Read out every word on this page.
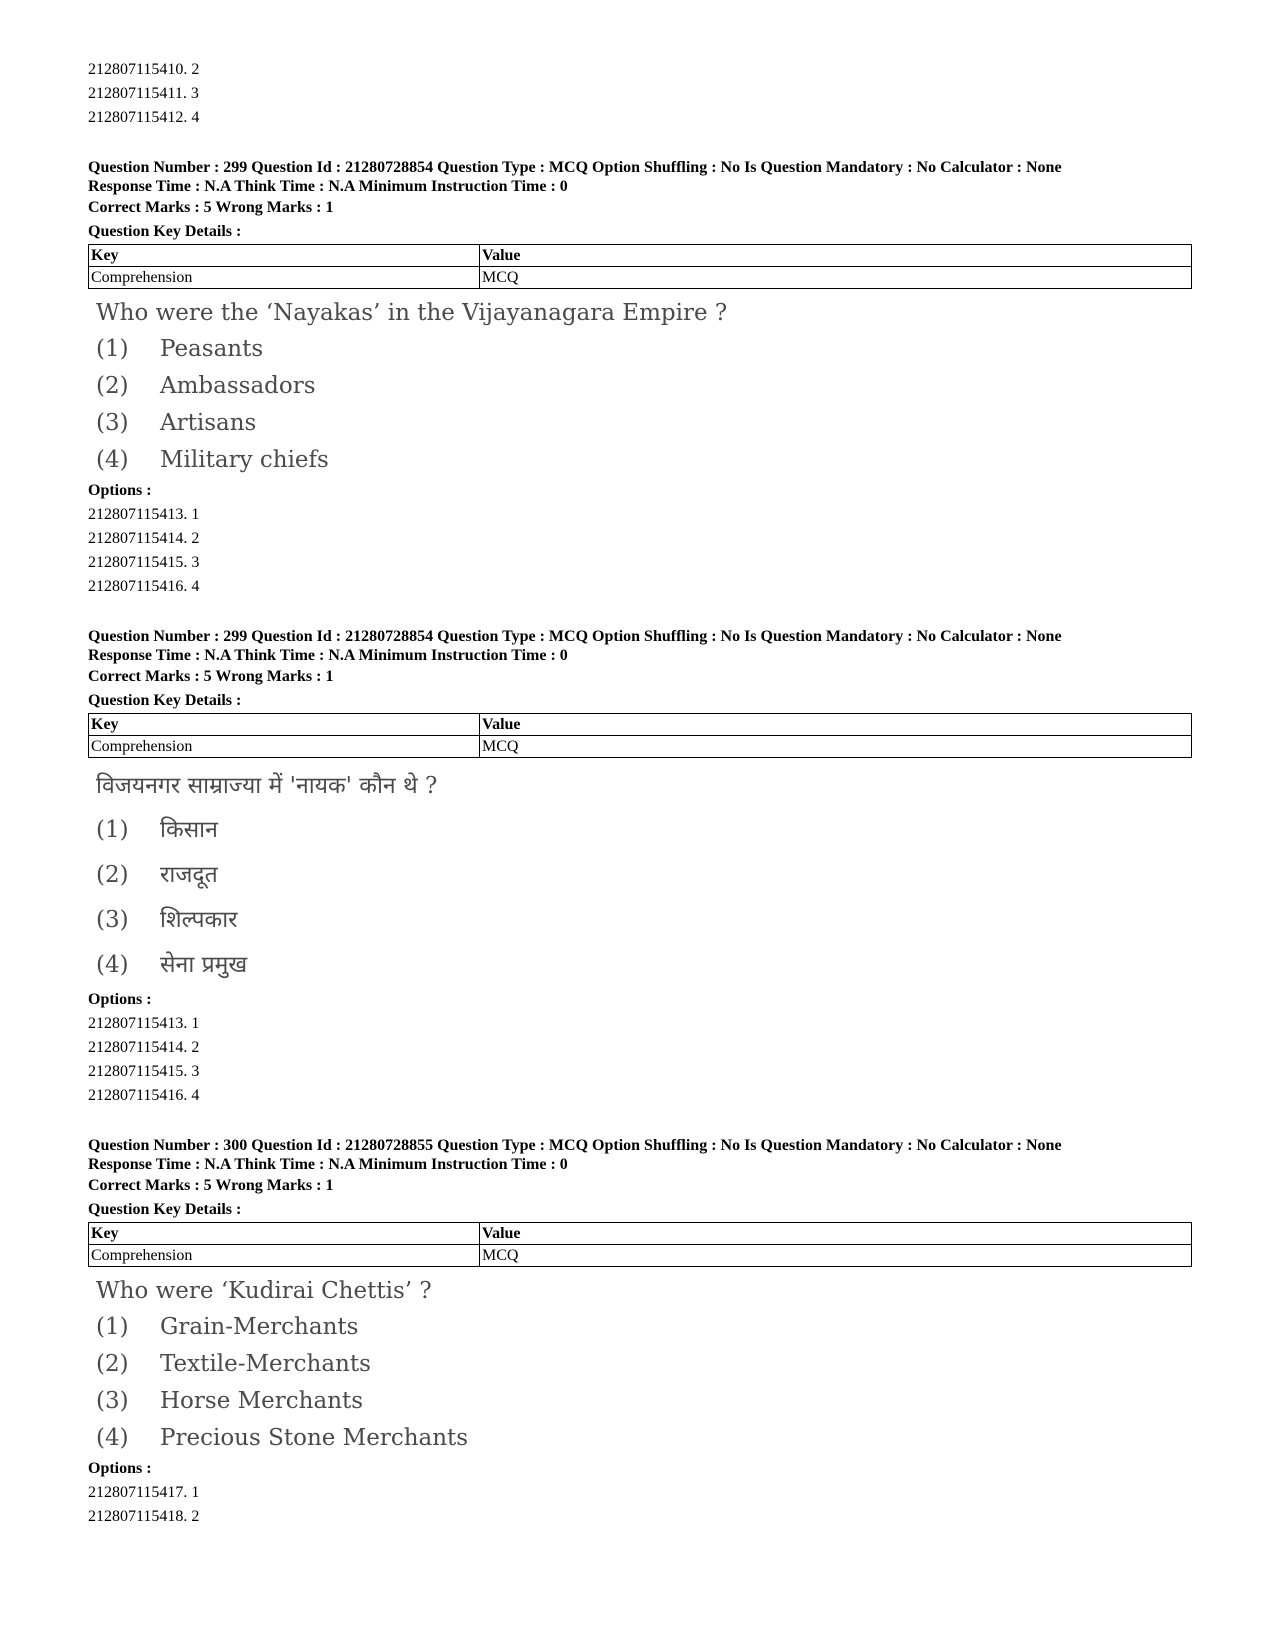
212807115410. 2
212807115411. 3
212807115412. 4
Question Number : 299 Question Id : 21280728854 Question Type : MCQ Option Shuffling : No Is Question Mandatory : No Calculator : None
Response Time : N.A Think Time : N.A Minimum Instruction Time : 0
Correct Marks : 5 Wrong Marks : 1
Question Key Details :
Key	Value
Comprehension	MCQ
Who were the ‘Nayakas’ in the Vijayanagara Empire ?
(1) Peasants
(2) Ambassadors
(3) Artisans
(4) Military chiefs
Options :
212807115413. 1
212807115414. 2
212807115415. 3
212807115416. 4
Question Number : 299 Question Id : 21280728854 Question Type : MCQ Option Shuffling : No Is Question Mandatory : No Calculator : None
Response Time : N.A Think Time : N.A Minimum Instruction Time : 0
Correct Marks : 5 Wrong Marks : 1
Question Key Details :
Key	Value
Comprehension	MCQ
विजयनगर साम्राज्या में 'नायक' कौन थे ?
(1) किसान
(2) राजदूत
(3) शिल्पकार
(4) सेना प्रमुख
Options :
212807115413. 1
212807115414. 2
212807115415. 3
212807115416. 4
Question Number : 300 Question Id : 21280728855 Question Type : MCQ Option Shuffling : No Is Question Mandatory : No Calculator : None
Response Time : N.A Think Time : N.A Minimum Instruction Time : 0
Correct Marks : 5 Wrong Marks : 1
Question Key Details :
Key	Value
Comprehension	MCQ
Who were ‘Kudirai Chettis’ ?
(1) Grain-Merchants
(2) Textile-Merchants
(3) Horse Merchants
(4) Precious Stone Merchants
Options :
212807115417. 1
212807115418. 2
